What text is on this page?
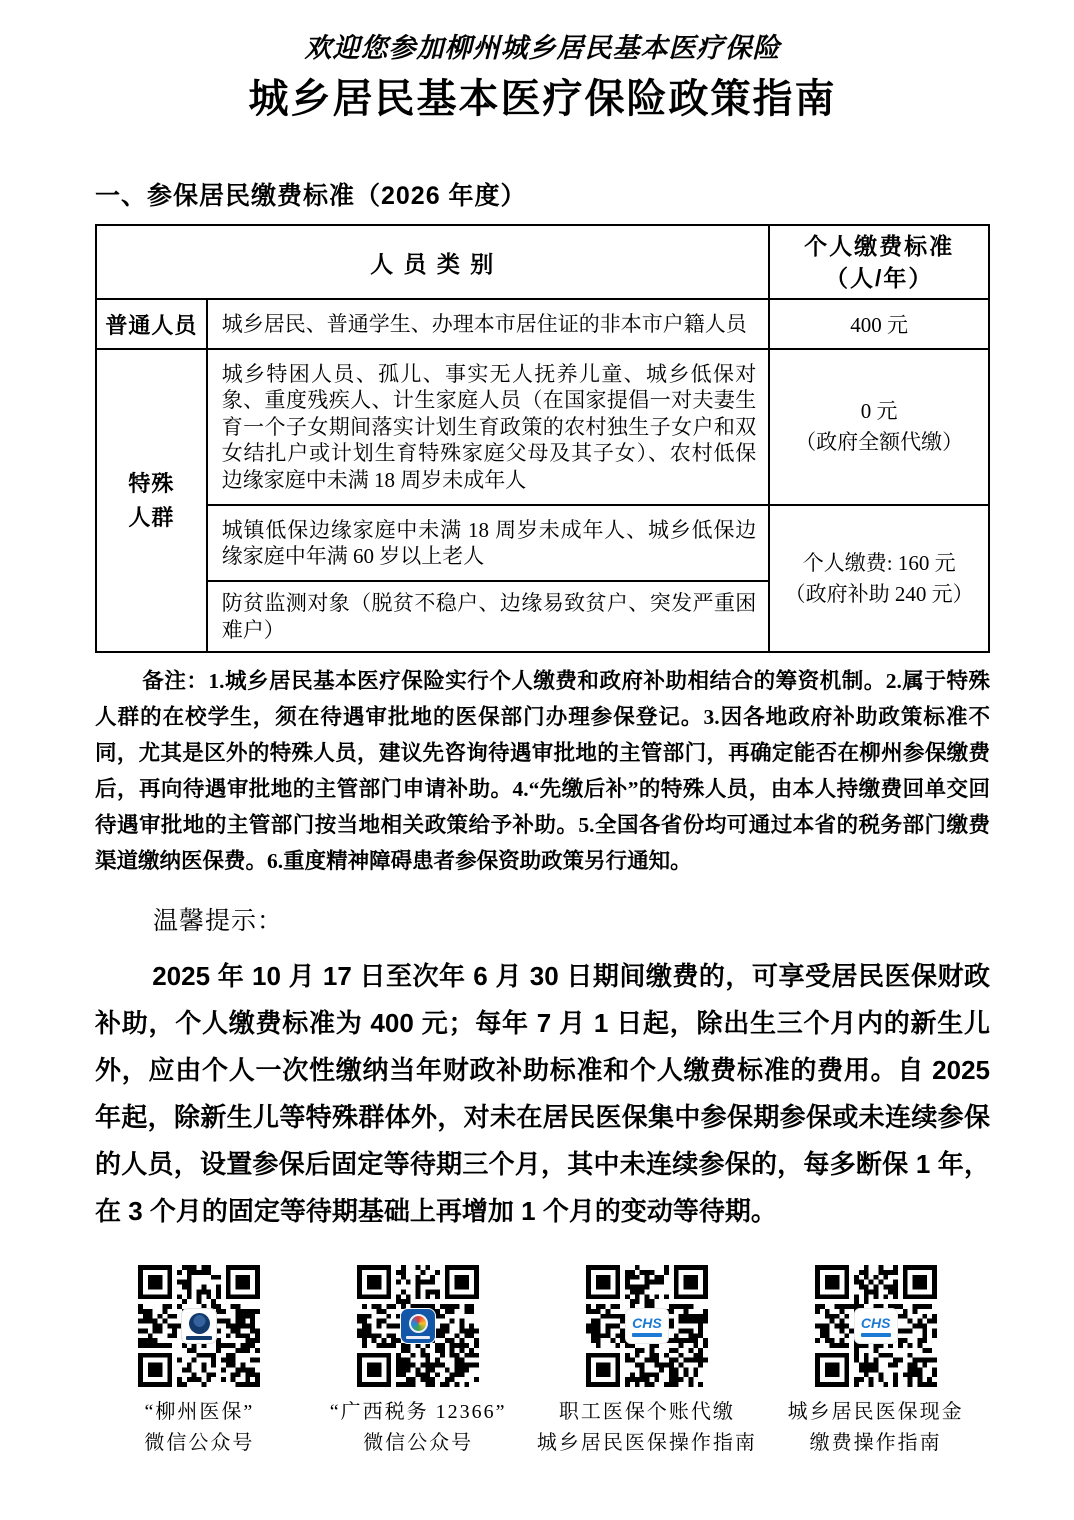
欢迎您参加柳州城乡居民基本医疗保险
城乡居民基本医疗保险政策指南
一、参保居民缴费标准（2026 年度）
人 员 类 别		个人缴费标准
（人/年）

普通人员	城乡居民、普通学生、办理本市居住证的非本市户籍人员	400 元

特殊
人群	城乡特困人员、孤儿、事实无人抚养儿童、城乡低保对象、重度残疾人、计生家庭人员（在国家提倡一对夫妻生育一个子女期间落实计划生育政策的农村独生子女户和双女结扎户或计划生育特殊家庭父母及其子女）、农村低保边缘家庭中未满 18 周岁未成年人	0 元
（政府全额代缴）

	城镇低保边缘家庭中未满 18 周岁未成年人、城乡低保边缘家庭中年满 60 岁以上老人	个人缴费: 160 元
（政府补助 240 元）

	防贫监测对象（脱贫不稳户、边缘易致贫户、突发严重困难户）	

备注：1.城乡居民基本医疗保险实行个人缴费和政府补助相结合的筹资机制。2.属于特殊人群的在校学生，须在待遇审批地的医保部门办理参保登记。3.因各地政府补助政策标准不同，尤其是区外的特殊人员，建议先咨询待遇审批地的主管部门，再确定能否在柳州参保缴费后，再向待遇审批地的主管部门申请补助。4.“先缴后补”的特殊人员，由本人持缴费回单交回待遇审批地的主管部门按当地相关政策给予补助。5.全国各省份均可通过本省的税务部门缴费渠道缴纳医保费。6.重度精神障碍患者参保资助政策另行通知。

温馨提示：

2025 年 10 月 17 日至次年 6 月 30 日期间缴费的，可享受居民医保财政补助，个人缴费标准为 400 元；每年 7 月 1 日起，除出生三个月内的新生儿外，应由个人一次性缴纳当年财政补助标准和个人缴费标准的费用。自 2025 年起，除新生儿等特殊群体外，对未在居民医保集中参保期参保或未连续参保的人员，设置参保后固定等待期三个月，其中未连续参保的，每多断保 1 年，在 3 个月的固定等待期基础上再增加 1 个月的变动等待期。

“柳州医保”
微信公众号
“广西税务 12366”
微信公众号
CHS
职工医保个账代缴
城乡居民医保操作指南
CHS
城乡居民医保现金
缴费操作指南
